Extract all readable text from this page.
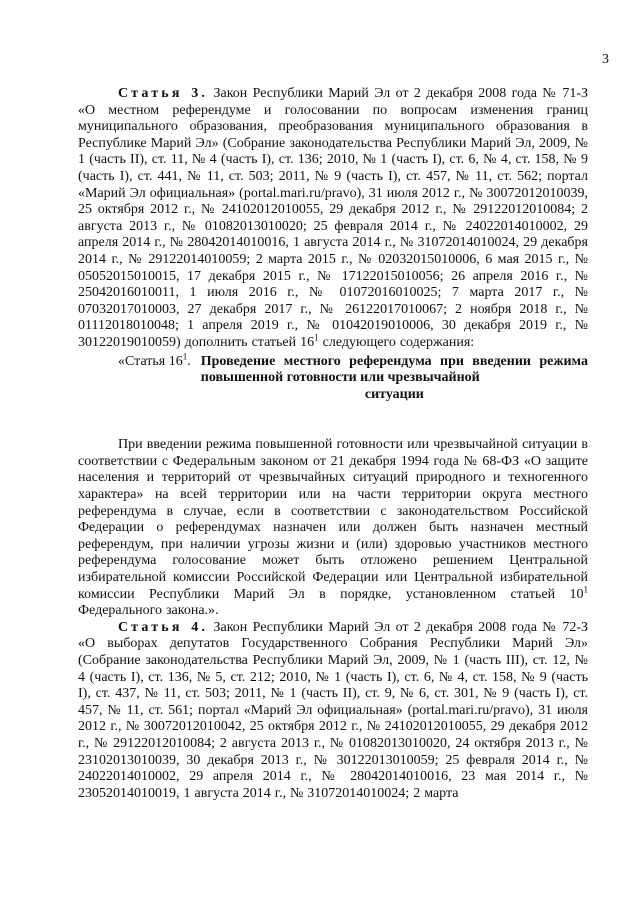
3

Статья 3. Закон Республики Марий Эл от 2 декабря 2008 года № 71-З «О местном референдуме и голосовании по вопросам изменения границ муниципального образования, преобразования муниципального образования в Республике Марий Эл» (Собрание законодательства Республики Марий Эл, 2009, № 1 (часть II), ст. 11, № 4 (часть I), ст. 136; 2010, № 1 (часть I), ст. 6, № 4, ст. 158, № 9 (часть I), ст. 441, № 11, ст. 503; 2011, № 9 (часть I), ст. 457, № 11, ст. 562; портал «Марий Эл официальная» (portal.mari.ru/pravo), 31 июля 2012 г., № 30072012010039, 25 октября 2012 г., № 24102012010055, 29 декабря 2012 г., № 29122012010084; 2 августа 2013 г., № 01082013010020; 25 февраля 2014 г., № 24022014010002, 29 апреля 2014 г., № 28042014010016, 1 августа 2014 г., № 31072014010024, 29 декабря 2014 г., № 29122014010059; 2 марта 2015 г., № 02032015010006, 6 мая 2015 г., № 05052015010015, 17 декабря 2015 г., № 17122015010056; 26 апреля 2016 г., № 25042016010011, 1 июля 2016 г., № 01072016010025; 7 марта 2017 г., № 07032017010003, 27 декабря 2017 г., № 26122017010067; 2 ноября 2018 г., № 01112018010048; 1 апреля 2019 г., № 01042019010006, 30 декабря 2019 г., № 30122019010059) дополнить статьей $16^1$ следующего содержания:

«Статья $16^1$. Проведение местного референдума при введении режима повышенной готовности или чрезвычайной
ситуации

При введении режима повышенной готовности или чрезвычайной ситуации в соответствии с Федеральным законом от 21 декабря 1994 года № 68-ФЗ «О защите населения и территорий от чрезвычайных ситуаций природного и техногенного характера» на всей территории или на части территории округа местного референдума в случае, если в соответствии с законодательством Российской Федерации о референдумах назначен или должен быть назначен местный референдум, при наличии угрозы жизни и (или) здоровью участников местного референдума голосование может быть отложено решением Центральной избирательной комиссии Российской Федерации или Центральной избирательной комиссии Республики Марий Эл в порядке, установленном статьей $10^1$ Федерального закона.».

Статья 4. Закон Республики Марий Эл от 2 декабря 2008 года № 72-З «О выборах депутатов Государственного Собрания Республики Марий Эл» (Собрание законодательства Республики Марий Эл, 2009, № 1 (часть III), ст. 12, № 4 (часть I), ст. 136, № 5, ст. 212; 2010, № 1 (часть I), ст. 6, № 4, ст. 158, № 9 (часть I), ст. 437, № 11, ст. 503; 2011, № 1 (часть II), ст. 9, № 6, ст. 301, № 9 (часть I), ст. 457, № 11, ст. 561; портал «Марий Эл официальная» (portal.mari.ru/pravo), 31 июля 2012 г., № 30072012010042, 25 октября 2012 г., № 24102012010055, 29 декабря 2012 г., № 29122012010084; 2 августа 2013 г., № 01082013010020, 24 октября 2013 г., № 23102013010039, 30 декабря 2013 г., № 30122013010059; 25 февраля 2014 г., № 24022014010002, 29 апреля 2014 г., № 28042014010016, 23 мая 2014 г., № 23052014010019, 1 августа 2014 г., № 31072014010024; 2 марта
